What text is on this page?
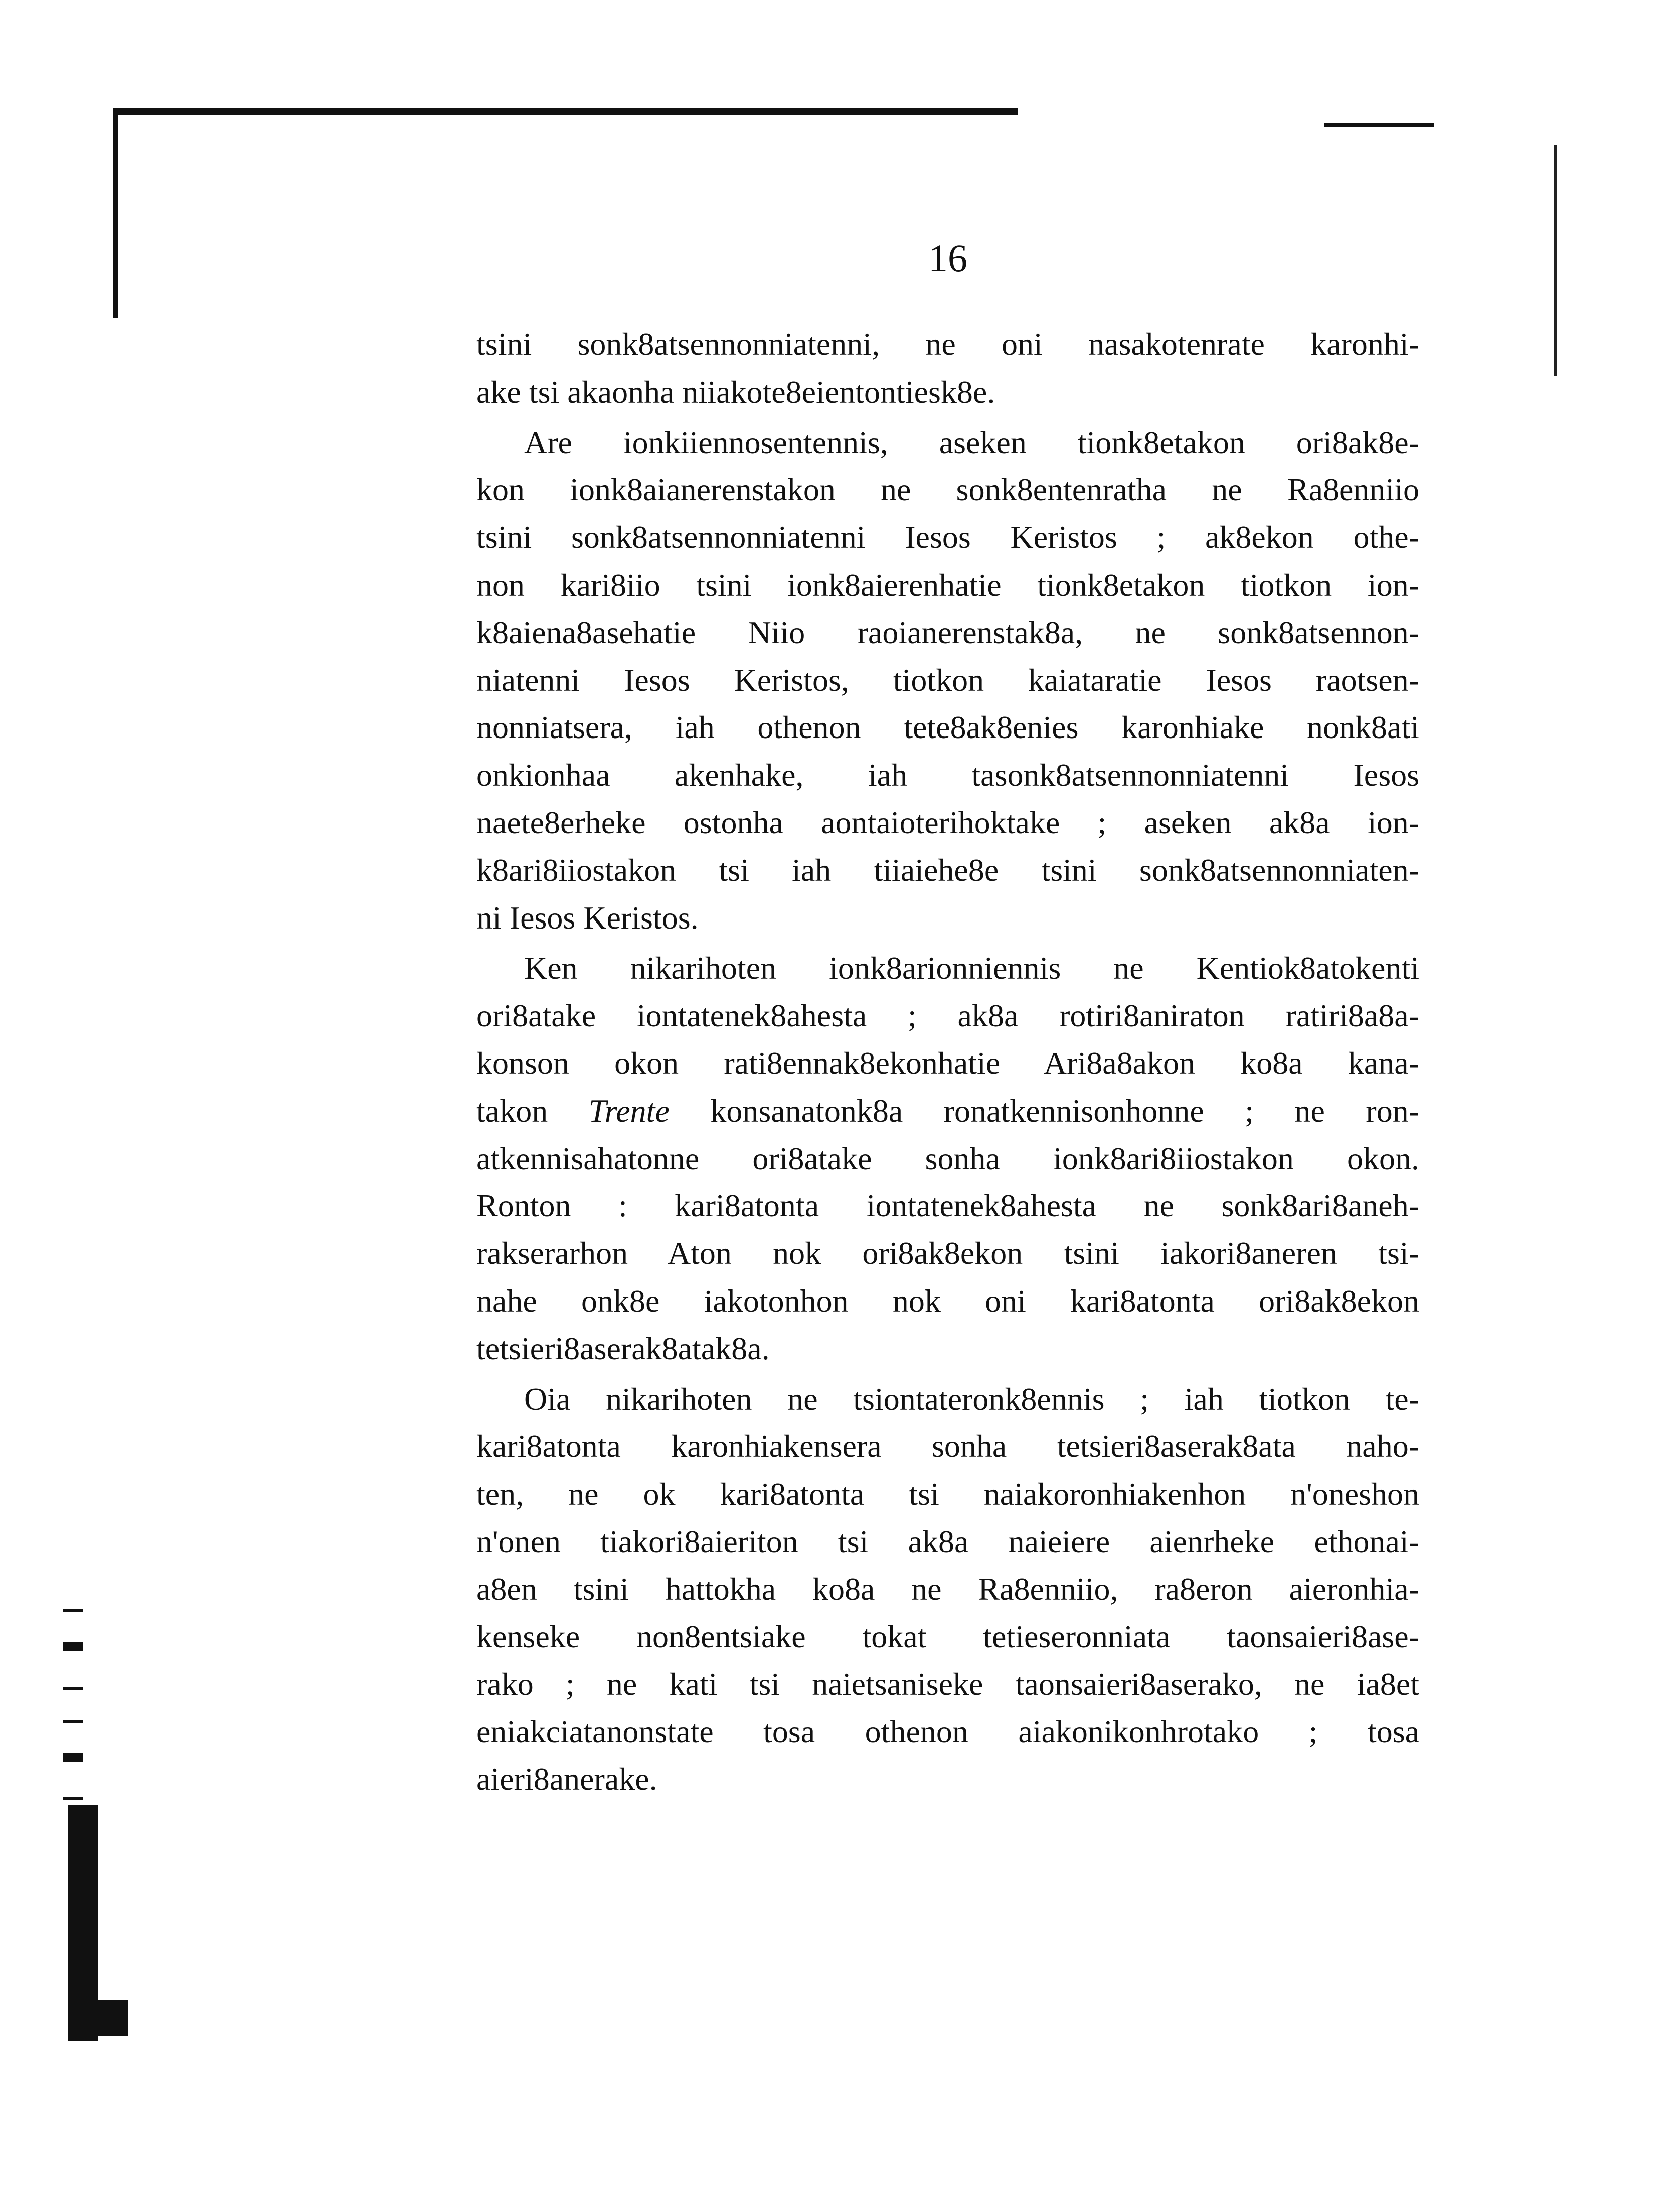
16
tsini sonk8atsennonniatenni, ne oni nasakotenrate karonhi-
ake tsi akaonha niiakote8eientontiesk8e.
Are ionkiiennosentennis, aseken tionk8etakon ori8ak8e-
kon ionk8aianerenstakon ne sonk8entenratha ne Ra8enniio
tsini sonk8atsennonniatenni Iesos Keristos ; ak8ekon othe-
non kari8iio tsini ionk8aierenhatie tionk8etakon tiotkon ion-
k8aiena8asehatie Niio raoianerenstak8a, ne sonk8atsennon-
niatenni Iesos Keristos, tiotkon kaiataratie Iesos raotsen-
nonniatsera, iah othenon tete8ak8enies karonhiake nonk8ati
onkionhaa akenhake, iah tasonk8atsennonniatenni Iesos
naete8erheke ostonha aontaioterihoktake ; aseken ak8a ion-
k8ari8iiostakon tsi iah tiiaiehe8e tsini sonk8atsennonniaten-
ni Iesos Keristos.
Ken nikarihoten ionk8arionniennis ne Kentiok8atokenti
ori8atake iontatenek8ahesta ; ak8a rotiri8aniraton ratiri8a8a-
konson okon rati8ennak8ekonhatie Ari8a8akon ko8a kana-
takon Trente konsanatonk8a ronatkennisonhonne ; ne ron-
atkennisahatonne ori8atake sonha ionk8ari8iiostakon okon.
Ronton : kari8atonta iontatenek8ahesta ne sonk8ari8aneh-
rakserarhon Aton nok ori8ak8ekon tsini iakori8aneren tsi-
nahe onk8e iakotonhon nok oni kari8atonta ori8ak8ekon
tetsieri8aserak8atak8a.
Oia nikarihoten ne tsiontateronk8ennis ; iah tiotkon te-
kari8atonta karonhiakensera sonha tetsieri8aserak8ata naho-
ten, ne ok kari8atonta tsi naiakoronhiakenhon n'oneshon
n'onen tiakori8aieriton tsi ak8a naieiere aienrheke ethonai-
a8en tsini hattokha ko8a ne Ra8enniio, ra8eron aieronhia-
kenseke non8entsiake tokat tetieseronniata taonsaieri8ase-
rako ; ne kati tsi naietsaniseke taonsaieri8aserako, ne ia8et
eniakciatanonstate tosa othenon aiakonikonhrotako ; tosa
aieri8anerake.
